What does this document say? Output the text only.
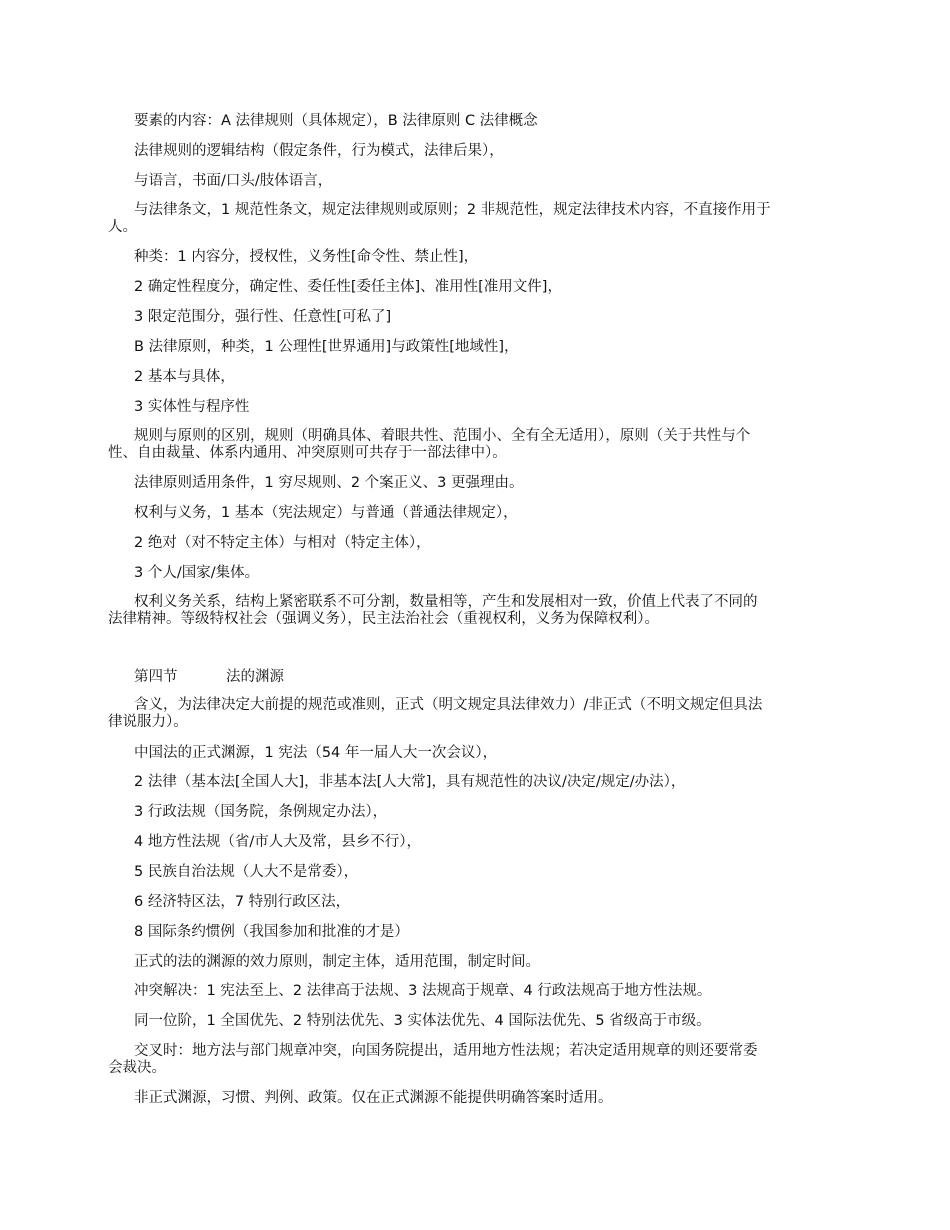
要素的内容：A 法律规则（具体规定），B 法律原则 C 法律概念
法律规则的逻辑结构（假定条件，行为模式，法律后果），
与语言，书面/口头/肢体语言，
与法律条文，1 规范性条文，规定法律规则或原则；2 非规范性，规定法律技术内容，不直接作用于
人。
种类：1 内容分，授权性，义务性[命令性、禁止性]，
2 确定性程度分，确定性、委任性[委任主体]、准用性[准用文件]，
3 限定范围分，强行性、任意性[可私了]
B 法律原则，种类，1 公理性[世界通用]与政策性[地域性]，
2 基本与具体，
3 实体性与程序性
规则与原则的区别，规则（明确具体、着眼共性、范围小、全有全无适用），原则（关于共性与个
性、自由裁量、体系内通用、冲突原则可共存于一部法律中）。
法律原则适用条件，1 穷尽规则、2 个案正义、3 更强理由。
权利与义务，1 基本（宪法规定）与普通（普通法律规定），
2 绝对（对不特定主体）与相对（特定主体），
3 个人/国家/集体。
权利义务关系，结构上紧密联系不可分割，数量相等，产生和发展相对一致，价值上代表了不同的
法律精神。等级特权社会（强调义务），民主法治社会（重视权利，义务为保障权利）。
第四节	法的渊源
含义，为法律决定大前提的规范或准则，正式（明文规定具法律效力）/非正式（不明文规定但具法
律说服力）。
中国法的正式渊源，1 宪法（54 年一届人大一次会议），
2 法律（基本法[全国人大]，非基本法[人大常]，具有规范性的决议/决定/规定/办法），
3 行政法规（国务院，条例规定办法），
4 地方性法规（省/市人大及常，县乡不行），
5 民族自治法规（人大不是常委），
6 经济特区法，7 特别行政区法，
8 国际条约惯例（我国参加和批准的才是）
正式的法的渊源的效力原则，制定主体，适用范围，制定时间。
冲突解决：1 宪法至上、2 法律高于法规、3 法规高于规章、4 行政法规高于地方性法规。
同一位阶，1 全国优先、2 特别法优先、3 实体法优先、4 国际法优先、5 省级高于市级。
交叉时：地方法与部门规章冲突，向国务院提出，适用地方性法规；若决定适用规章的则还要常委
会裁决。
非正式渊源，习惯、判例、政策。仅在正式渊源不能提供明确答案时适用。
